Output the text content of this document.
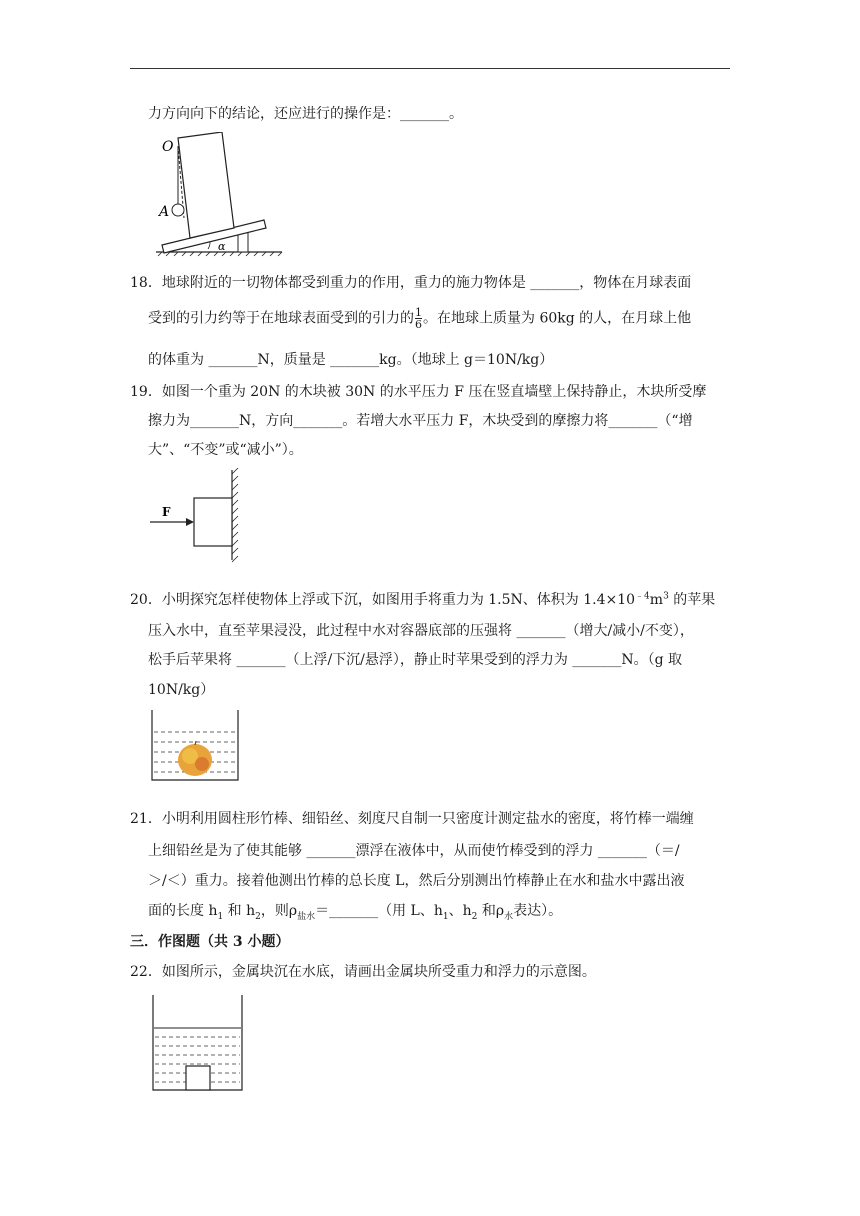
力方向向下的结论，还应进行的操作是：_______。
O
A
α
18．地球附近的一切物体都受到重力的作用，重力的施力物体是 _______，物体在月球表面
受到的引力约等于在地球表面受到的引力的 $\frac{1}{6}$ 。在地球上质量为 60kg 的人，在月球上他
的体重为 _______N，质量是 _______kg。（地球上 g＝10N/kg）
19．如图一个重为 20N 的木块被 30N 的水平压力 F 压在竖直墙壁上保持静止，木块所受摩
擦力为_______N，方向_______。若增大水平压力 F，木块受到的摩擦力将_______（“增
大”、“不变”或“减小”）。
F
20．小明探究怎样使物体上浮或下沉，如图用手将重力为 1.5N、体积为 $1.4\times 10^{﹣4}m^3$ 的苹果
压入水中，直至苹果浸没，此过程中水对容器底部的压强将 _______（增大/减小/不变），
松手后苹果将 _______（上浮/下沉/悬浮），静止时苹果受到的浮力为 _______N。（g 取
10N/kg）
21．小明利用圆柱形竹棒、细铅丝、刻度尺自制一只密度计测定盐水的密度，将竹棒一端缠
上细铅丝是为了使其能够 _______漂浮在液体中，从而使竹棒受到的浮力 _______（＝/
＞/＜）重力。接着他测出竹棒的总长度 L，然后分别测出竹棒静止在水和盐水中露出液
面的长度 $h_1$ 和 $h_2$，则$\rho_{盐水}=\_\_\_\_\_\_\_$（用 L、$h_1$、$h_2$ 和$\rho_水$表达）。
三．作图题（共 3 小题）
22．如图所示，金属块沉在水底，请画出金属块所受重力和浮力的示意图。
